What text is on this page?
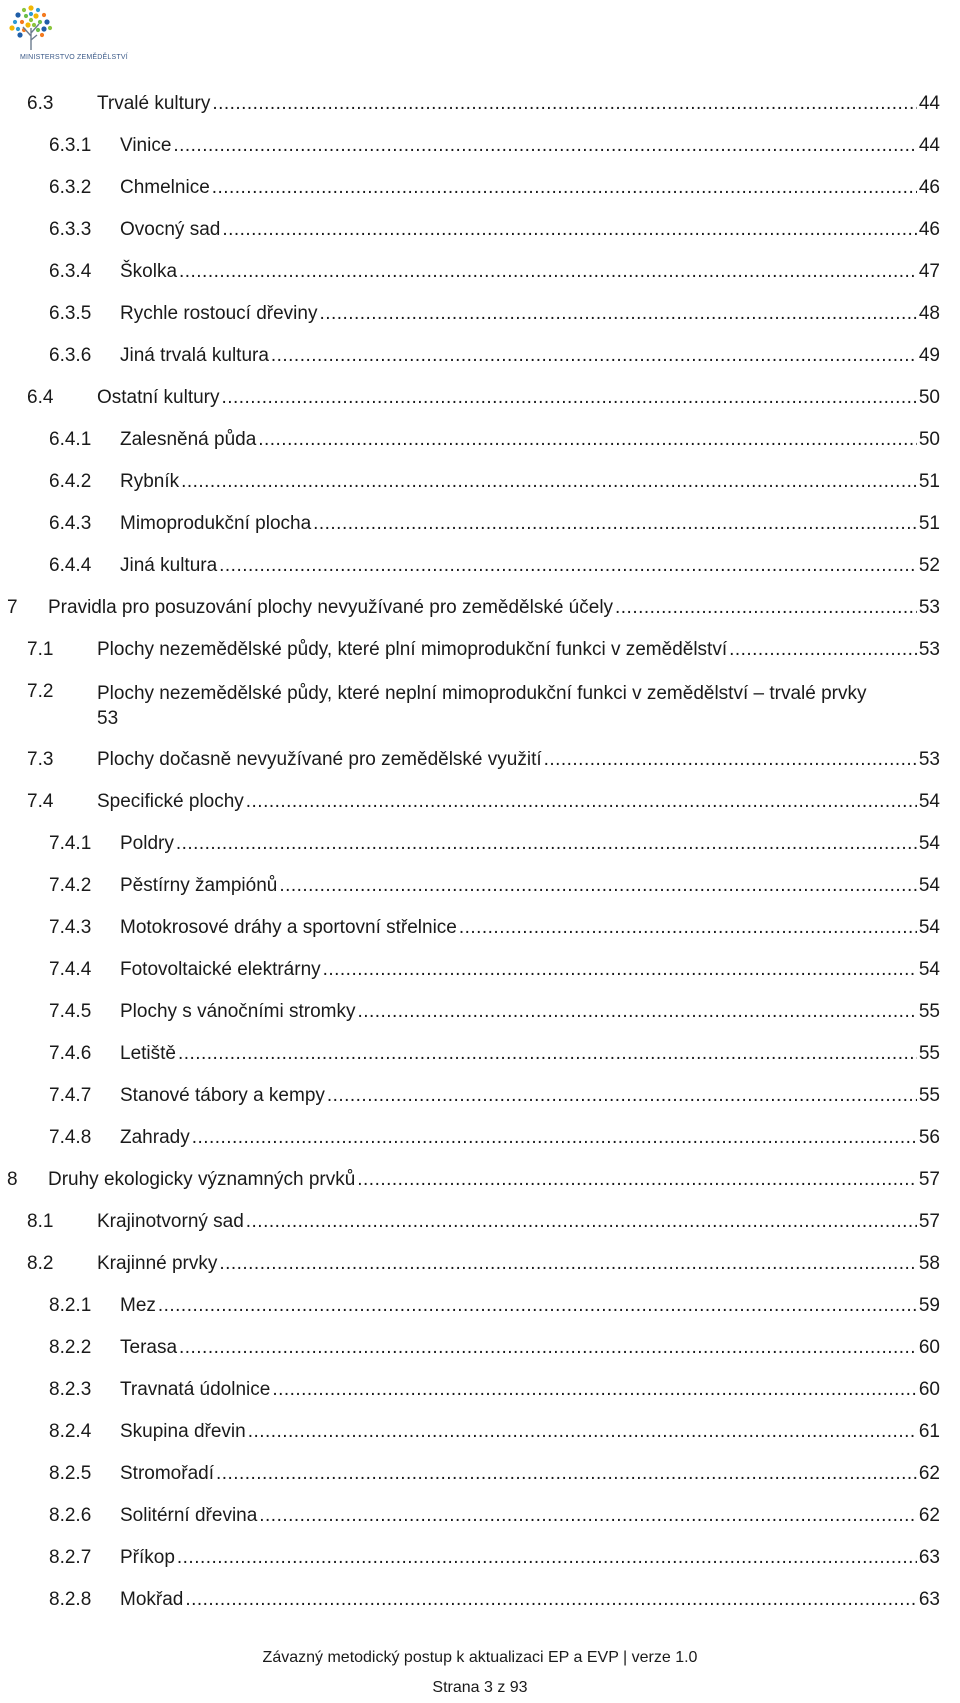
MINISTERSTVO ZEMĚDĚLSTVÍ
6.3 Trvalé kultury . . .	44
6.3.1 Vinice . . .	44
6.3.2 Chmelnice . . .	46
6.3.3 Ovocný sad . . .	46
6.3.4 Školka . . .	47
6.3.5 Rychle rostoucí dřeviny . . .	48
6.3.6 Jiná trvalá kultura . . .	49
6.4 Ostatní kultury . . .	50
6.4.1 Zalesněná půda . . .	50
6.4.2 Rybník . . .	51
6.4.3 Mimoprodukční plocha . . .	51
6.4.4 Jiná kultura . . .	52
7 Pravidla pro posuzování plochy nevyužívané pro zemědělské účely . . .	53
7.1 Plochy nezemědělské půdy, které plní mimoprodukční funkci v zemědělství . . .	53
7.2 Plochy nezemědělské půdy, které neplní mimoprodukční funkci v zemědělství – trvalé prvky
53
7.3 Plochy dočasně nevyužívané pro zemědělské využití . . .	53
7.4 Specifické plochy . . .	54
7.4.1 Poldry . . .	54
7.4.2 Pěstírny žampiónů . . .	54
7.4.3 Motokrosové dráhy a sportovní střelnice . . .	54
7.4.4 Fotovoltaické elektrárny . . .	54
7.4.5 Plochy s vánočními stromky . . .	55
7.4.6 Letiště . . .	55
7.4.7 Stanové tábory a kempy . . .	55
7.4.8 Zahrady . . .	56
8 Druhy ekologicky významných prvků . . .	57
8.1 Krajinotvorný sad . . .	57
8.2 Krajinné prvky . . .	58
8.2.1 Mez . . .	59
8.2.2 Terasa . . .	60
8.2.3 Travnatá údolnice . . .	60
8.2.4 Skupina dřevin . . .	61
8.2.5 Stromořadí . . .	62
8.2.6 Solitérní dřevina . . .	62
8.2.7 Příkop . . .	63
8.2.8 Mokřad . . .	63
Závazný metodický postup k aktualizaci EP a EVP | verze 1.0
Strana 3 z 93
